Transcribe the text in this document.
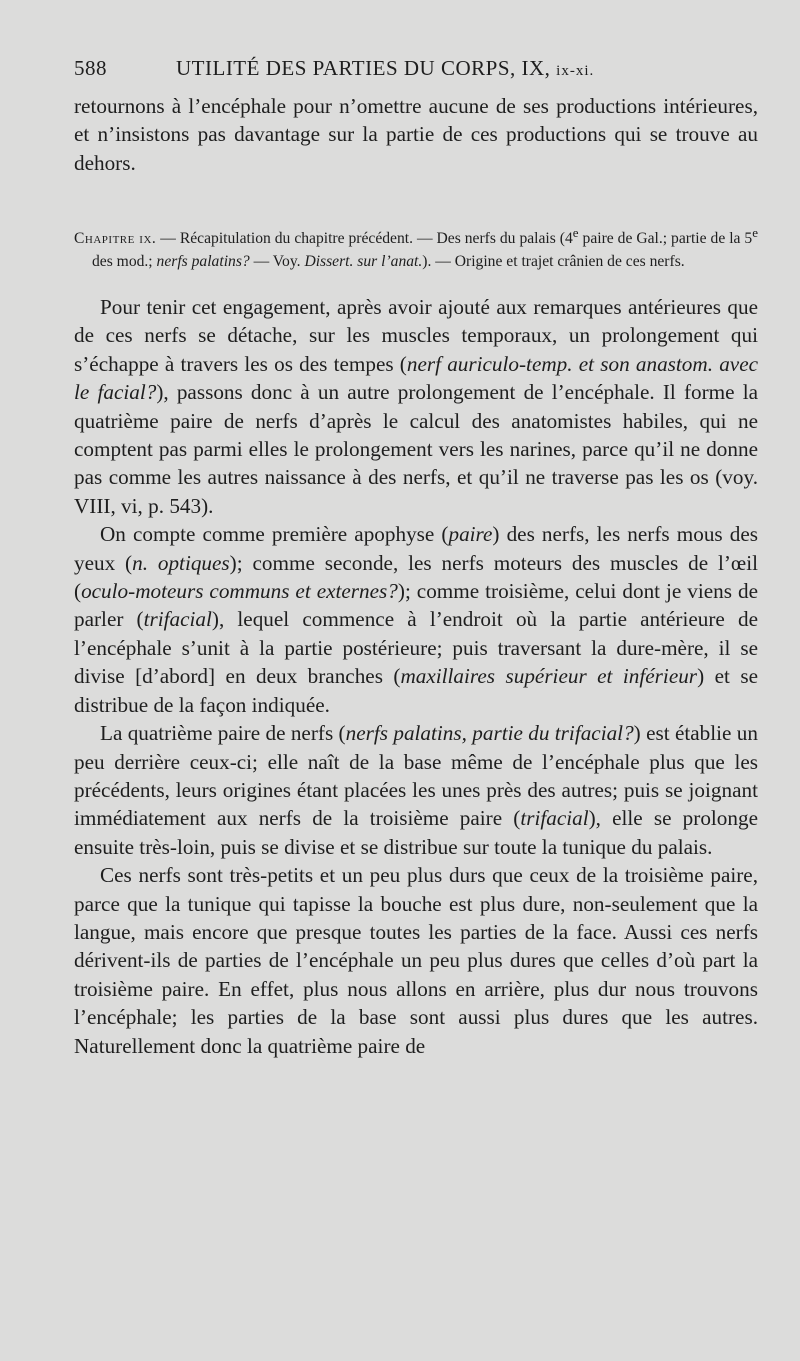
588	UTILITÉ DES PARTIES DU CORPS, IX, ix-xi.

retournons à l’encéphale pour n’omettre aucune de ses productions intérieures, et n’insistons pas davantage sur la partie de ces productions qui se trouve au dehors.

Chapitre ix. — Récapitulation du chapitre précédent. — Des nerfs du palais (4e paire de Gal.; partie de la 5e des mod.; nerfs palatins? — Voy. Dissert. sur l’anat.). — Origine et trajet crânien de ces nerfs.

Pour tenir cet engagement, après avoir ajouté aux remarques antérieures que de ces nerfs se détache, sur les muscles temporaux, un prolongement qui s’échappe à travers les os des tempes (nerf auriculo-temp. et son anastom. avec le facial?), passons donc à un autre prolongement de l’encéphale. Il forme la quatrième paire de nerfs d’après le calcul des anatomistes habiles, qui ne comptent pas parmi elles le prolongement vers les narines, parce qu’il ne donne pas comme les autres naissance à des nerfs, et qu’il ne traverse pas les os (voy. VIII, vi, p. 543).

On compte comme première apophyse (paire) des nerfs, les nerfs mous des yeux (n. optiques); comme seconde, les nerfs moteurs des muscles de l’œil (oculo-moteurs communs et externes?); comme troisième, celui dont je viens de parler (trifacial), lequel commence à l’endroit où la partie antérieure de l’encéphale s’unit à la partie postérieure; puis traversant la dure-mère, il se divise [d’abord] en deux branches (maxillaires supérieur et inférieur) et se distribue de la façon indiquée.

La quatrième paire de nerfs (nerfs palatins, partie du trifacial?) est établie un peu derrière ceux-ci; elle naît de la base même de l’encéphale plus que les précédents, leurs origines étant placées les unes près des autres; puis se joignant immédiatement aux nerfs de la troisième paire (trifacial), elle se prolonge ensuite très-loin, puis se divise et se distribue sur toute la tunique du palais.

Ces nerfs sont très-petits et un peu plus durs que ceux de la troisième paire, parce que la tunique qui tapisse la bouche est plus dure, non-seulement que la langue, mais encore que presque toutes les parties de la face. Aussi ces nerfs dérivent-ils de parties de l’encéphale un peu plus dures que celles d’où part la troisième paire. En effet, plus nous allons en arrière, plus dur nous trouvons l’encéphale; les parties de la base sont aussi plus dures que les autres. Naturellement donc la quatrième paire de
